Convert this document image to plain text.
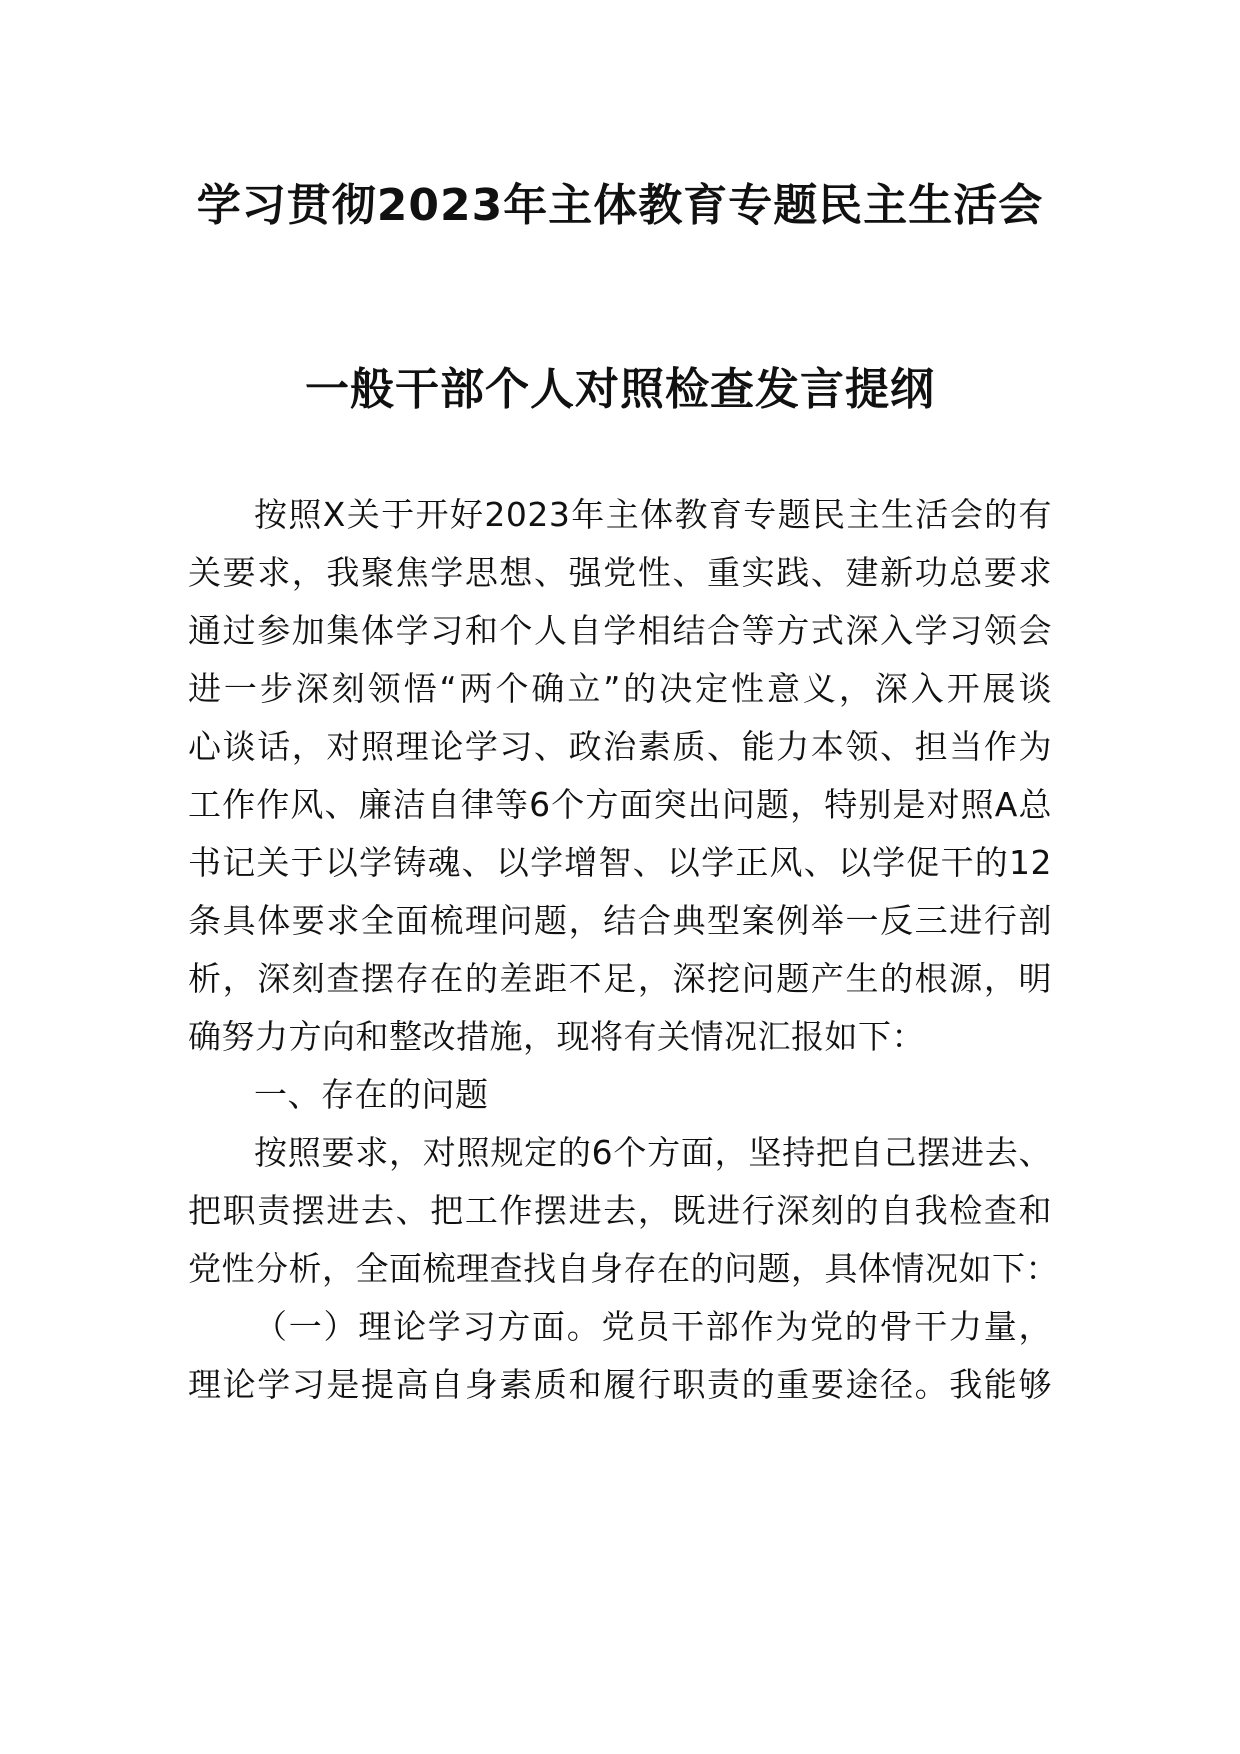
学习贯彻2023年主体教育专题民主生活会
一般干部个人对照检查发言提纲
按照X关于开好2023年主体教育专题民主生活会的有
关要求，我聚焦学思想、强党性、重实践、建新功总要求
通过参加集体学习和个人自学相结合等方式深入学习领会
进一步深刻领悟“两个确立”的决定性意义，深入开展谈
心谈话，对照理论学习、政治素质、能力本领、担当作为
工作作风、廉洁自律等6个方面突出问题，特别是对照A总
书记关于以学铸魂、以学增智、以学正风、以学促干的12
条具体要求全面梳理问题，结合典型案例举一反三进行剖
析，深刻查摆存在的差距不足，深挖问题产生的根源，明
确努力方向和整改措施，现将有关情况汇报如下：
一、存在的问题
按照要求，对照规定的6个方面，坚持把自己摆进去、
把职责摆进去、把工作摆进去，既进行深刻的自我检查和
党性分析，全面梳理查找自身存在的问题，具体情况如下：
（一）理论学习方面。党员干部作为党的骨干力量，
理论学习是提高自身素质和履行职责的重要途径。我能够
